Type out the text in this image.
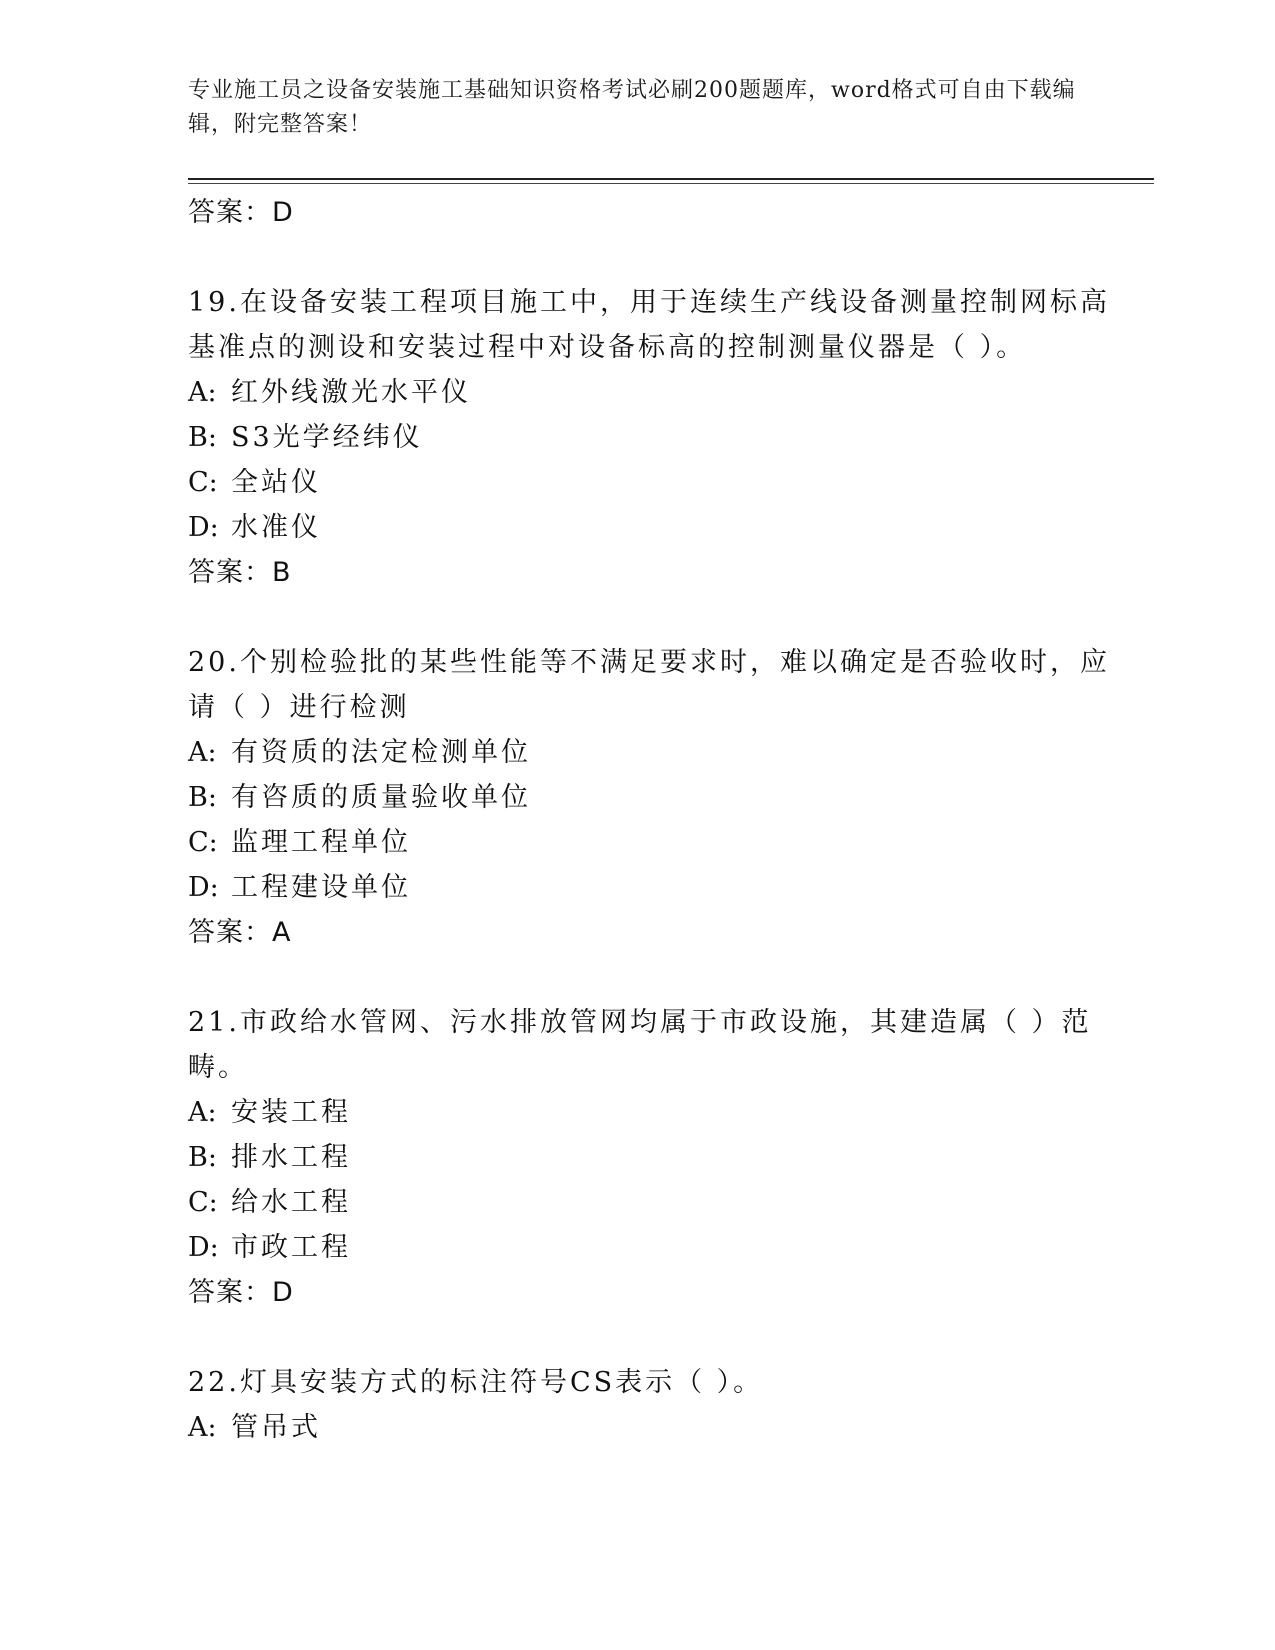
专业施工员之设备安装施工基础知识资格考试必刷200题题库，word格式可自由下载编辑，附完整答案！
答案：D
19.在设备安装工程项目施工中，用于连续生产线设备测量控制网标高基准点的测设和安装过程中对设备标高的控制测量仪器是（ ）。
A: 红外线激光水平仪
B: S3光学经纬仪
C: 全站仪
D: 水准仪
答案：B
20.个别检验批的某些性能等不满足要求时，难以确定是否验收时，应请（ ）进行检测
A: 有资质的法定检测单位
B: 有咨质的质量验收单位
C: 监理工程单位
D: 工程建设单位
答案：A
21.市政给水管网、污水排放管网均属于市政设施，其建造属（ ）范畴。
A: 安装工程
B: 排水工程
C: 给水工程
D: 市政工程
答案：D
22.灯具安装方式的标注符号CS表示（ ）。
A: 管吊式
